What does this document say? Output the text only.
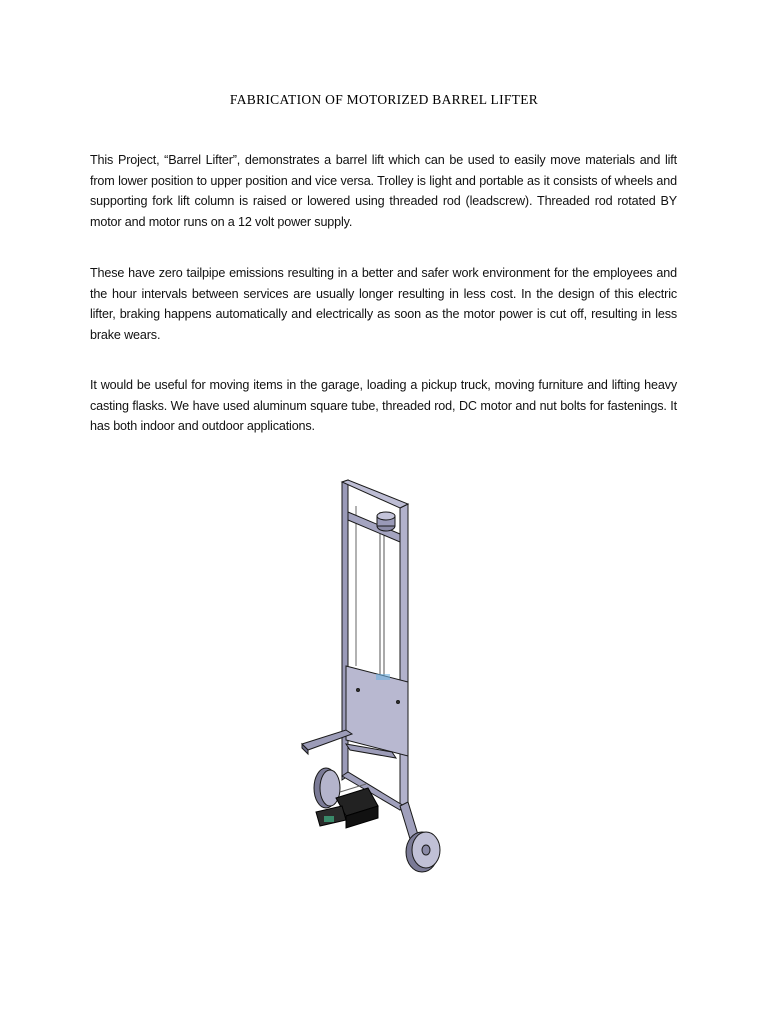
FABRICATION OF MOTORIZED BARREL LIFTER
This Project, “Barrel Lifter”, demonstrates a barrel lift which can be used to easily move materials and lift from lower position to upper position and vice versa. Trolley is light and portable as it consists of wheels and supporting fork lift column is raised or lowered using threaded rod (leadscrew). Threaded rod rotated BY motor and motor runs on a 12 volt power supply.
These have zero tailpipe emissions resulting in a better and safer work environment for the employees and the hour intervals between services are usually longer resulting in less cost. In the design of this electric lifter, braking happens automatically and electrically as soon as the motor power is cut off, resulting in less brake wears.
It would be useful for moving items in the garage, loading a pickup truck, moving furniture and lifting heavy casting flasks. We have used aluminum square tube, threaded rod, DC motor and nut bolts for fastenings. It has both indoor and outdoor applications.
